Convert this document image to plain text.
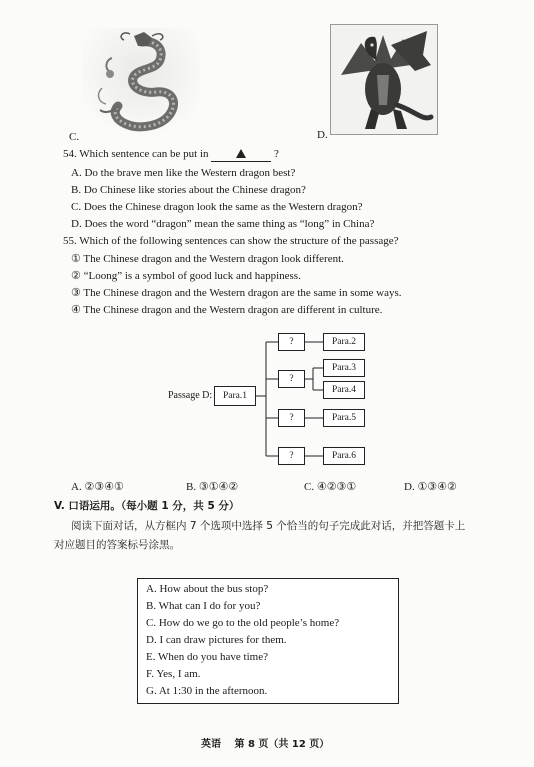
C.	D.
54. Which sentence can be put in	?
A. Do the brave men like the Western dragon best?
B. Do Chinese like stories about the Chinese dragon?
C. Does the Chinese dragon look the same as the Western dragon?
D. Does the word “dragon” mean the same thing as “long” in China?
55. Which of the following sentences can show the structure of the passage?
① The Chinese dragon and the Western dragon look different.
② “Loong” is a symbol of good luck and happiness.
③ The Chinese dragon and the Western dragon are the same in some ways.
④ The Chinese dragon and the Western dragon are different in culture.
Passage D:	Para.1
?
?
?
?
Para.2
Para.3
Para.4
Para.5
Para.6
A. ②③④①	B. ③①④②	C. ④②③①	D. ①③④②
V. 口语运用。（每小题 1 分，共 5 分）
阅读下面对话，从方框内 7 个选项中选择 5 个恰当的句子完成此对话，并把答题卡上
对应题目的答案标号涂黑。
A. How about the bus stop?
B. What can I do for you?
C. How do we go to the old people’s home?
D. I can draw pictures for them.
E. When do you have time?
F. Yes, I am.
G. At 1:30 in the afternoon.
英语　 第 8 页（共 12 页）
